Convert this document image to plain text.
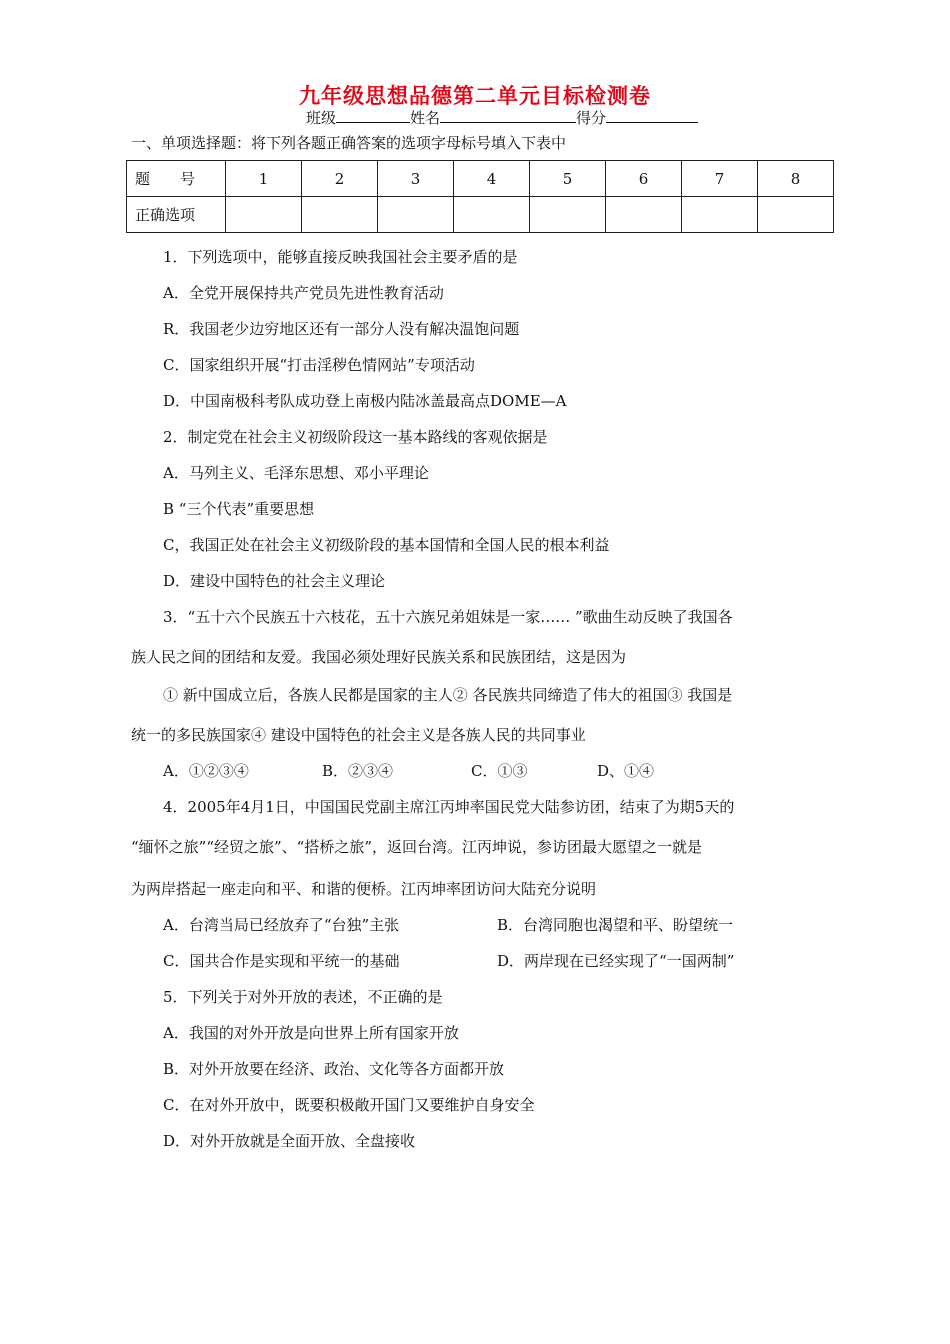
九年级思想品德第二单元目标检测卷
班级	姓名	得分
一、单项选择题：将下列各题正确答案的选项字母标号填入下表中
题　　号	1	2	3	4	5	6	7	8
正确选项								
1．下列选项中，能够直接反映我国社会主要矛盾的是
A．全党开展保持共产党员先进性教育活动
R．我国老少边穷地区还有一部分人没有解决温饱问题
C．国家组织开展“打击淫秽色情网站”专项活动
D．中国南极科考队成功登上南极内陆冰盖最高点DOME—A
2．制定党在社会主义初级阶段这一基本路线的客观依据是
A．马列主义、毛泽东思想、邓小平理论
B “三个代表”重要思想
C，我国正处在社会主义初级阶段的基本国情和全国人民的根本利益
D．建设中国特色的社会主义理论
3．“五十六个民族五十六枝花，五十六族兄弟姐妹是一家…… ”歌曲生动反映了我国各
族人民之间的团结和友爱。我国必须处理好民族关系和民族团结，这是因为
① 新中国成立后，各族人民都是国家的主人② 各民族共同缔造了伟大的祖国③ 我国是
统一的多民族国家④ 建设中国特色的社会主义是各族人民的共同事业
A．①②③④	B．②③④	C．①③	D、①④
4．2005年4月1日，中国国民党副主席江丙坤率国民党大陆参访团，结束了为期5天的
“缅怀之旅”“经贸之旅”、“搭桥之旅”，返回台湾。江丙坤说，参访团最大愿望之一就是
为两岸搭起一座走向和平、和谐的便桥。江丙坤率团访问大陆充分说明
A．台湾当局已经放弃了“台独”主张	B．台湾同胞也渴望和平、盼望统一
C．国共合作是实现和平统一的基础	D．两岸现在已经实现了“一国两制”
5．下列关于对外开放的表述，不正确的是
A．我国的对外开放是向世界上所有国家开放
B．对外开放要在经济、政治、文化等各方面都开放
C．在对外开放中，既要积极敞开国门又要维护自身安全
D．对外开放就是全面开放、全盘接收
